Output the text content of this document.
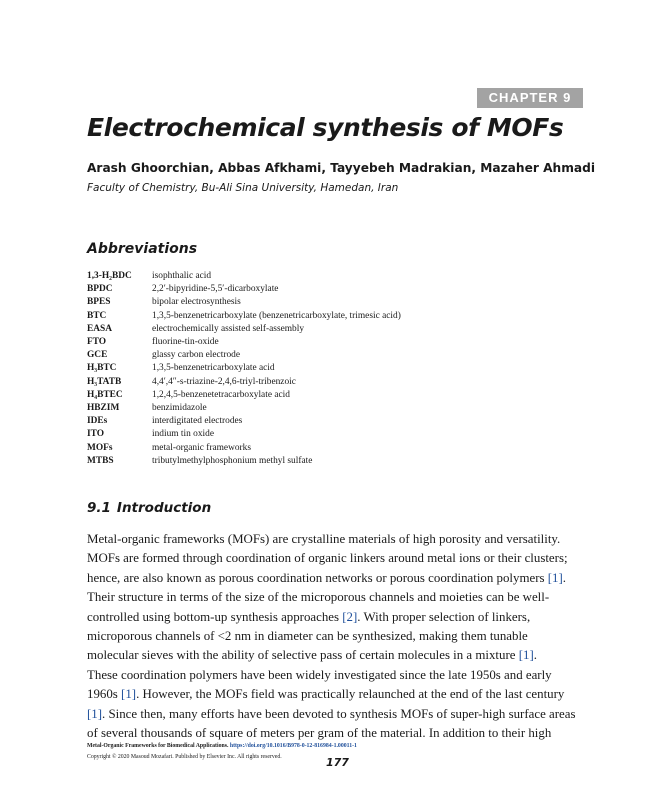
CHAPTER 9
Electrochemical synthesis of MOFs
Arash Ghoorchian, Abbas Afkhami, Tayyebeh Madrakian, Mazaher Ahmadi
Faculty of Chemistry, Bu-Ali Sina University, Hamedan, Iran
Abbreviations
1,3-H₂BDC	isophthalic acid
BPDC	2,2′-bipyridine-5,5′-dicarboxylate
BPES	bipolar electrosynthesis
BTC	1,3,5-benzenetricarboxylate (benzenetricarboxylate, trimesic acid)
EASA	electrochemically assisted self-assembly
FTO	fluorine-tin-oxide
GCE	glassy carbon electrode
H₃BTC	1,3,5-benzenetricarboxylate acid
H₃TATB	4,4′,4″-s-triazine-2,4,6-triyl-tribenzoic
H₄BTEC	1,2,4,5-benzenetetracarboxylate acid
HBZIM	benzimidazole
IDEs	interdigitated electrodes
ITO	indium tin oxide
MOFs	metal-organic frameworks
MTBS	tributylmethylphosphonium methyl sulfate
9.1 Introduction
Metal-organic frameworks (MOFs) are crystalline materials of high porosity and versatility.
MOFs are formed through coordination of organic linkers around metal ions or their clusters;
hence, are also known as porous coordination networks or porous coordination polymers [1].
Their structure in terms of the size of the microporous channels and moieties can be well-
controlled using bottom-up synthesis approaches [2]. With proper selection of linkers,
microporous channels of <2 nm in diameter can be synthesized, making them tunable
molecular sieves with the ability of selective pass of certain molecules in a mixture [1].
These coordination polymers have been widely investigated since the late 1950s and early
1960s [1]. However, the MOFs field was practically relaunched at the end of the last century
[1]. Since then, many efforts have been devoted to synthesis MOFs of super-high surface areas
of several thousands of square of meters per gram of the material. In addition to their high
Metal-Organic Frameworks for Biomedical Applications. https://doi.org/10.1016/B978-0-12-816984-1.00011-1
Copyright © 2020 Masoud Mozafari. Published by Elsevier Inc. All rights reserved.	177
